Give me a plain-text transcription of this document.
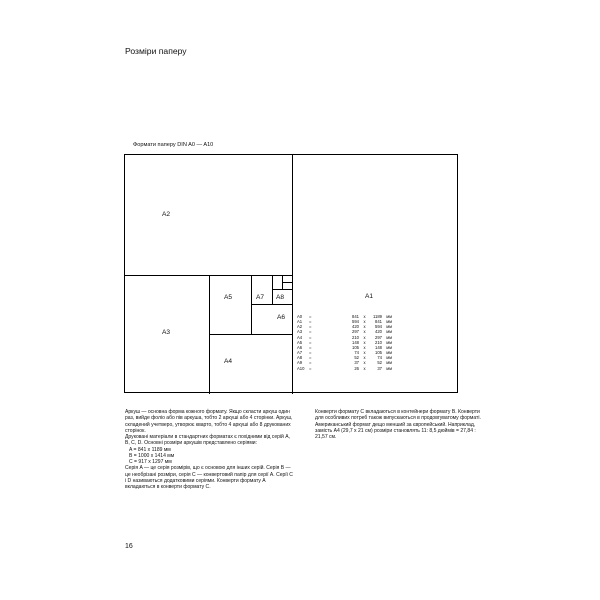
Розміри паперу
Формати паперу DIN A0 — A10
A2
A3
A4
A5
A6
A7 A8	A1
A0	=	841	x	1189	мм
A1	=	594	x	841	мм
A2	=	420	x	594	мм
A3	=	297	x	420	мм
A4	=	210	x	297	мм
A5	=	148	x	210	мм
A6	=	105	x	148	мм
A7	=	74	x	105	мм
A8	=	52	x	74	мм
A9	=	37	x	52	мм
A10	=	26	x	37	мм

Аркуш — основна форма кожного формату. Якщо скласти аркуш один раз, вийде фоліо або пів аркуша, тобто 2 аркуші або 4 сторінки. Аркуш, складений учетверо, утворює кварто, тобто 4 аркуші або 8 друкованих сторінок.

Друковані матеріали в стандартних форматах є похідними від серій A, B, C, D. Основні розміри аркушів представлено серіями:

A = 841 x 1189 мм

B = 1000 x 1414 мм

C = 917 x 1297 мм

Серія A — це серія розмірів, що є основою для інших серій. Серія B — це необрізані розміри, серія C — конвертовий папір для серії A. Серії C і D називаються додатковими серіями. Конверти формату A вкладаються в конверти формату C.

Конверти формату C вкладаються в контейнери формату B. Конверти для особливих потреб також випускаються в продовгуватому форматі.

Американський формат дещо менший за європейський. Наприклад, замість A4 (29,7 х 21 см) розміри становлять 11: 8,5 дюймів = 27,84 : 21,57 см.

16
